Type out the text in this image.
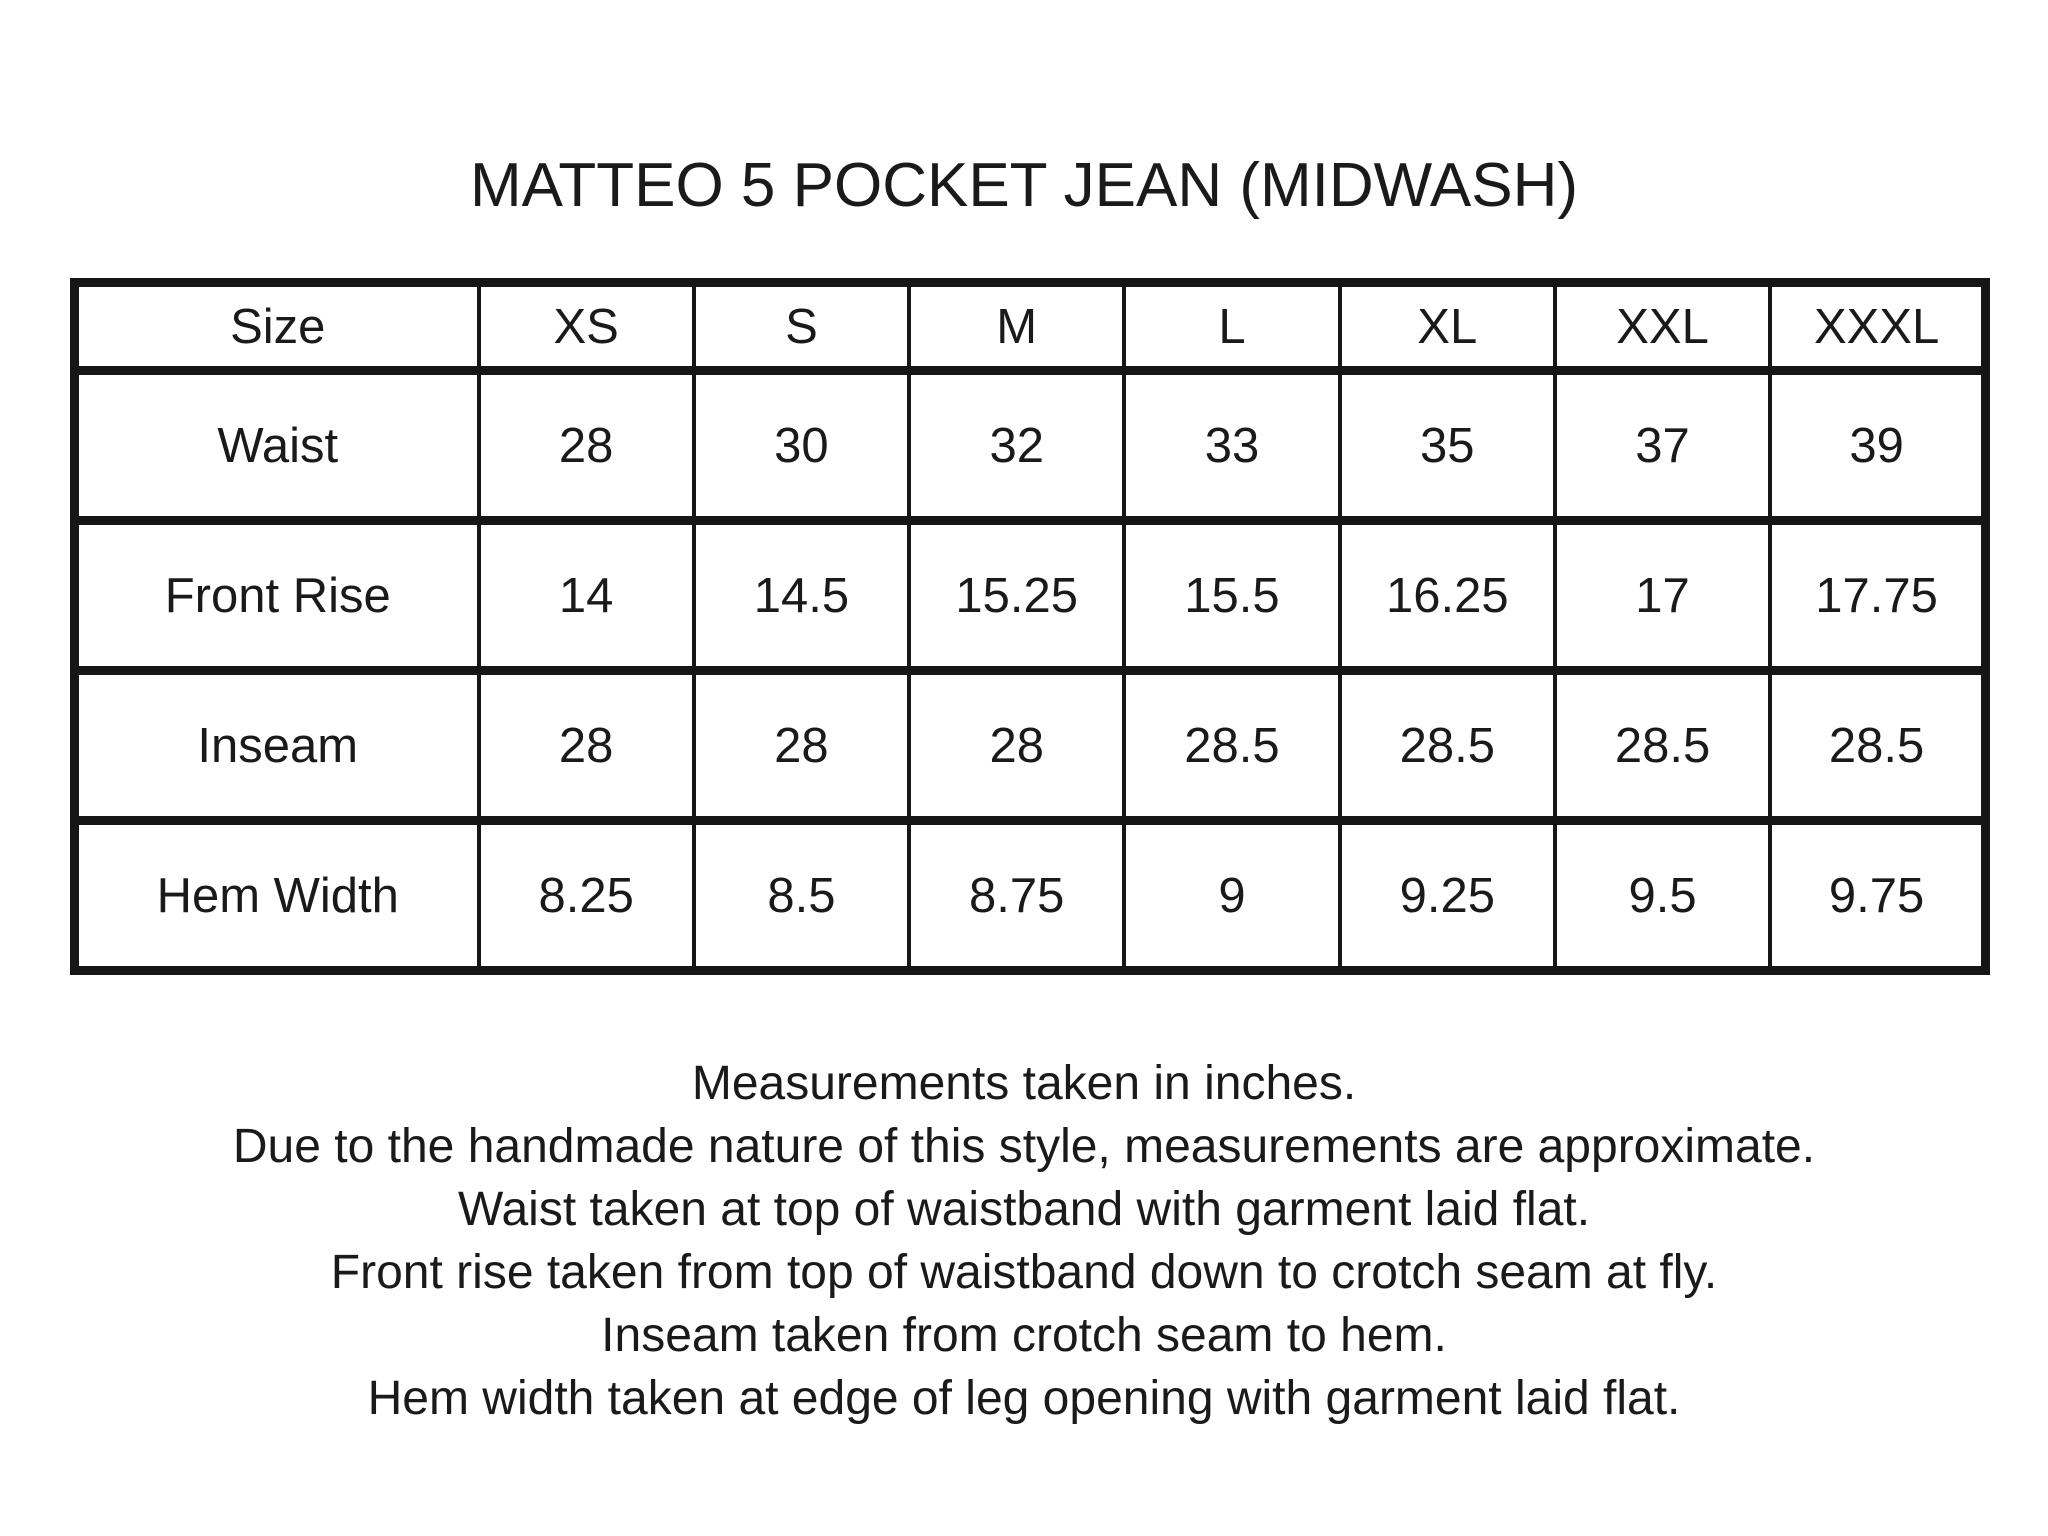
MATTEO 5 POCKET JEAN (MIDWASH)
Size	XS	S	M	L	XL	XXL	XXXL
Waist	28	30	32	33	35	37	39
Front Rise	14	14.5	15.25	15.5	16.25	17	17.75
Inseam	28	28	28	28.5	28.5	28.5	28.5
Hem Width	8.25	8.5	8.75	9	9.25	9.5	9.75
Measurements taken in inches.
Due to the handmade nature of this style, measurements are approximate.
Waist taken at top of waistband with garment laid flat.
Front rise taken from top of waistband down to crotch seam at fly.
Inseam taken from crotch seam to hem.
Hem width taken at edge of leg opening with garment laid flat.
